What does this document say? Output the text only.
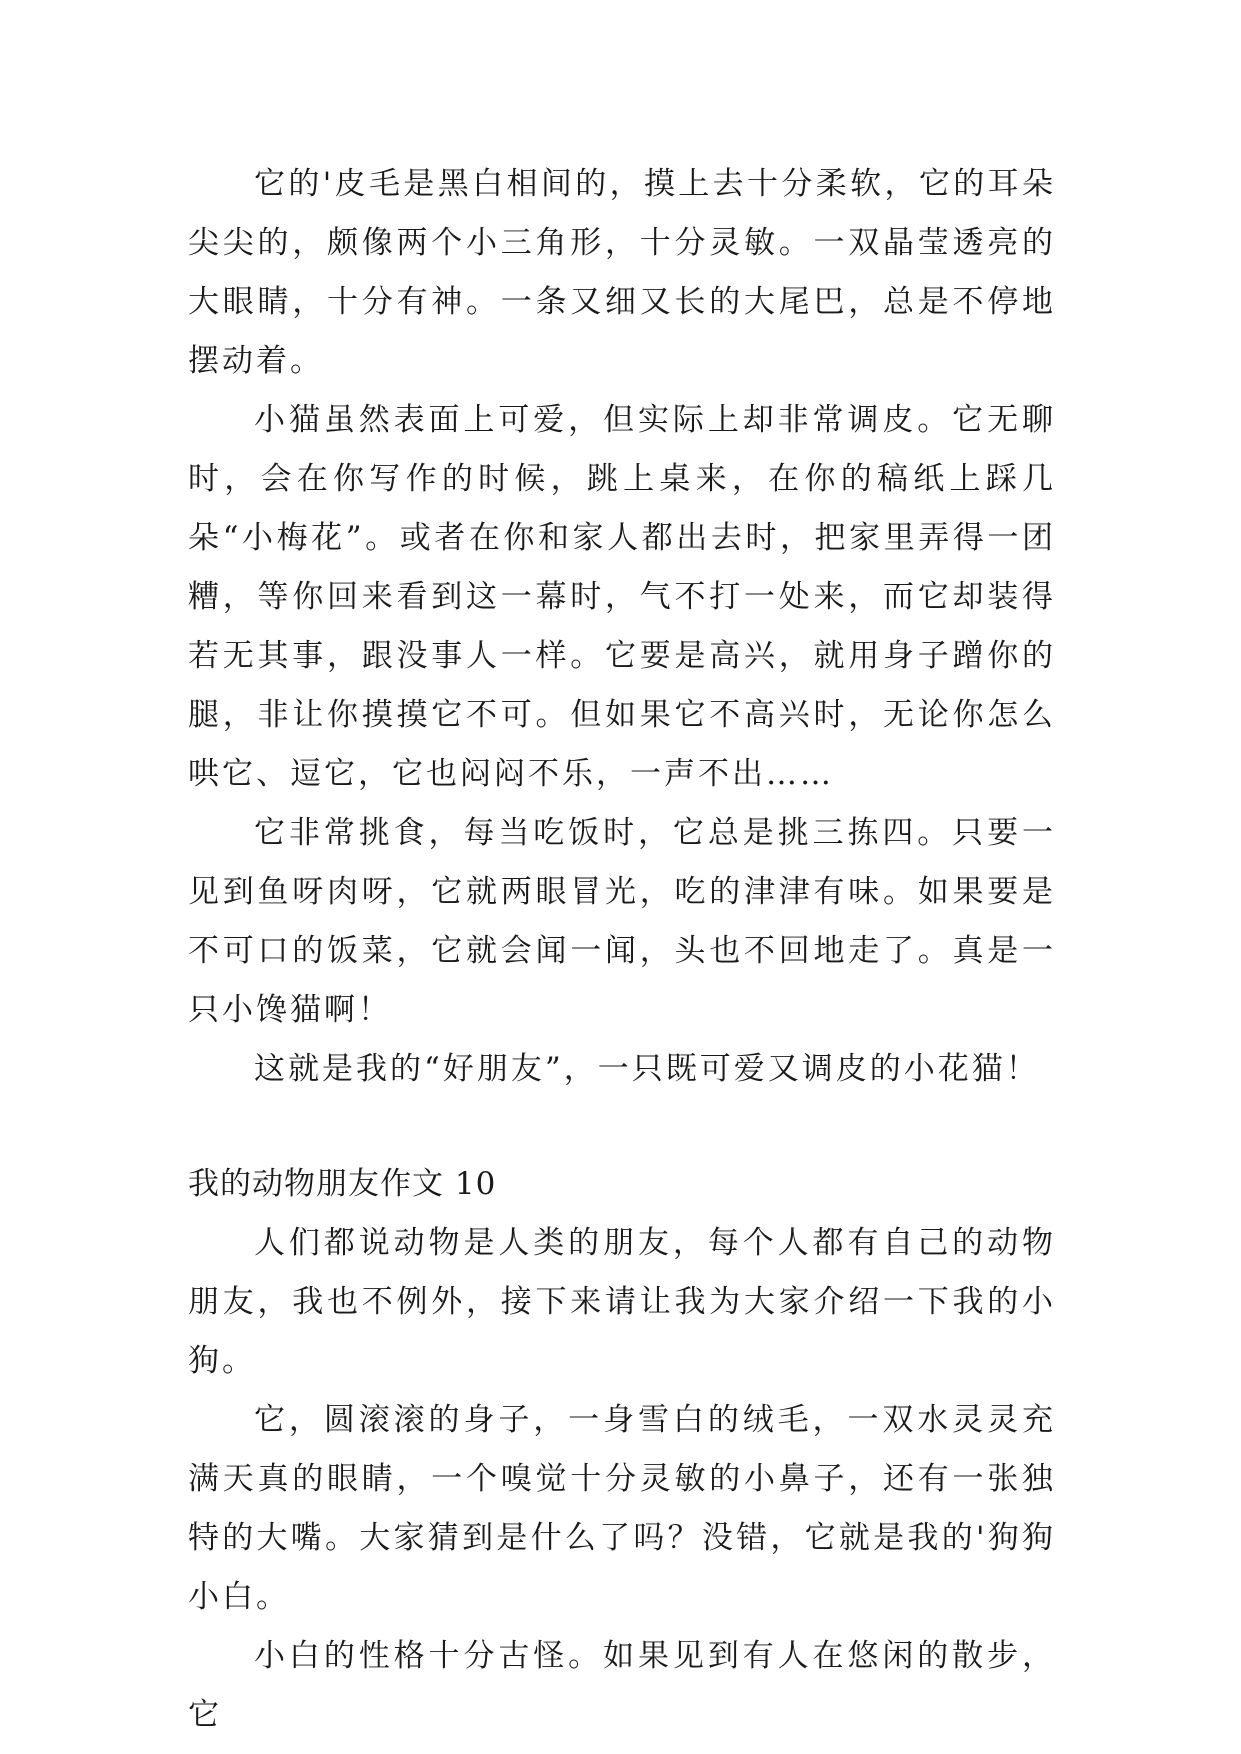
它的'皮毛是黑白相间的，摸上去十分柔软，它的耳朵尖尖的，颇像两个小三角形，十分灵敏。一双晶莹透亮的大眼睛，十分有神。一条又细又长的大尾巴，总是不停地摆动着。

小猫虽然表面上可爱，但实际上却非常调皮。它无聊时，会在你写作的时候，跳上桌来，在你的稿纸上踩几朵“小梅花”。或者在你和家人都出去时，把家里弄得一团糟，等你回来看到这一幕时，气不打一处来，而它却装得若无其事，跟没事人一样。它要是高兴，就用身子蹭你的腿，非让你摸摸它不可。但如果它不高兴时，无论你怎么哄它、逗它，它也闷闷不乐，一声不出……

它非常挑食，每当吃饭时，它总是挑三拣四。只要一见到鱼呀肉呀，它就两眼冒光，吃的津津有味。如果要是不可口的饭菜，它就会闻一闻，头也不回地走了。真是一只小馋猫啊！

这就是我的“好朋友”，一只既可爱又调皮的小花猫！

我的动物朋友作文 10

人们都说动物是人类的朋友，每个人都有自己的动物朋友，我也不例外，接下来请让我为大家介绍一下我的小狗。

它，圆滚滚的身子，一身雪白的绒毛，一双水灵灵充满天真的眼睛，一个嗅觉十分灵敏的小鼻子，还有一张独特的大嘴。大家猜到是什么了吗？没错，它就是我的'狗狗小白。

小白的性格十分古怪。如果见到有人在悠闲的散步，它
